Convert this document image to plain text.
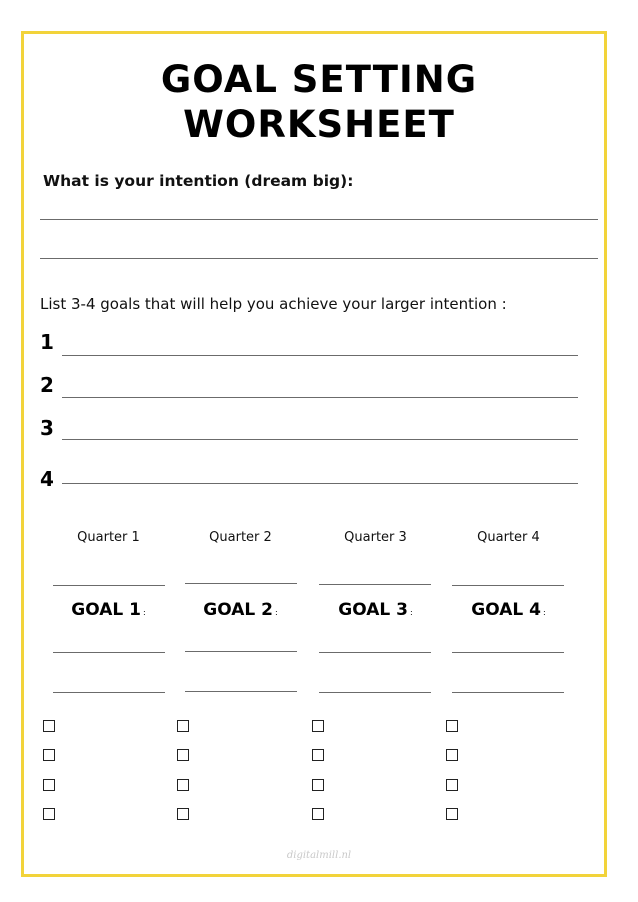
GOAL SETTING
WORKSHEET
What is your intention (dream big):
List 3-4 goals that will help you achieve your larger intention :
1
2
3
4
Quarter 1	Quarter 2	Quarter 3	Quarter 4
GOAL 1 :	GOAL 2 :	GOAL 3 :	GOAL 4 :
digitalmill.nl
